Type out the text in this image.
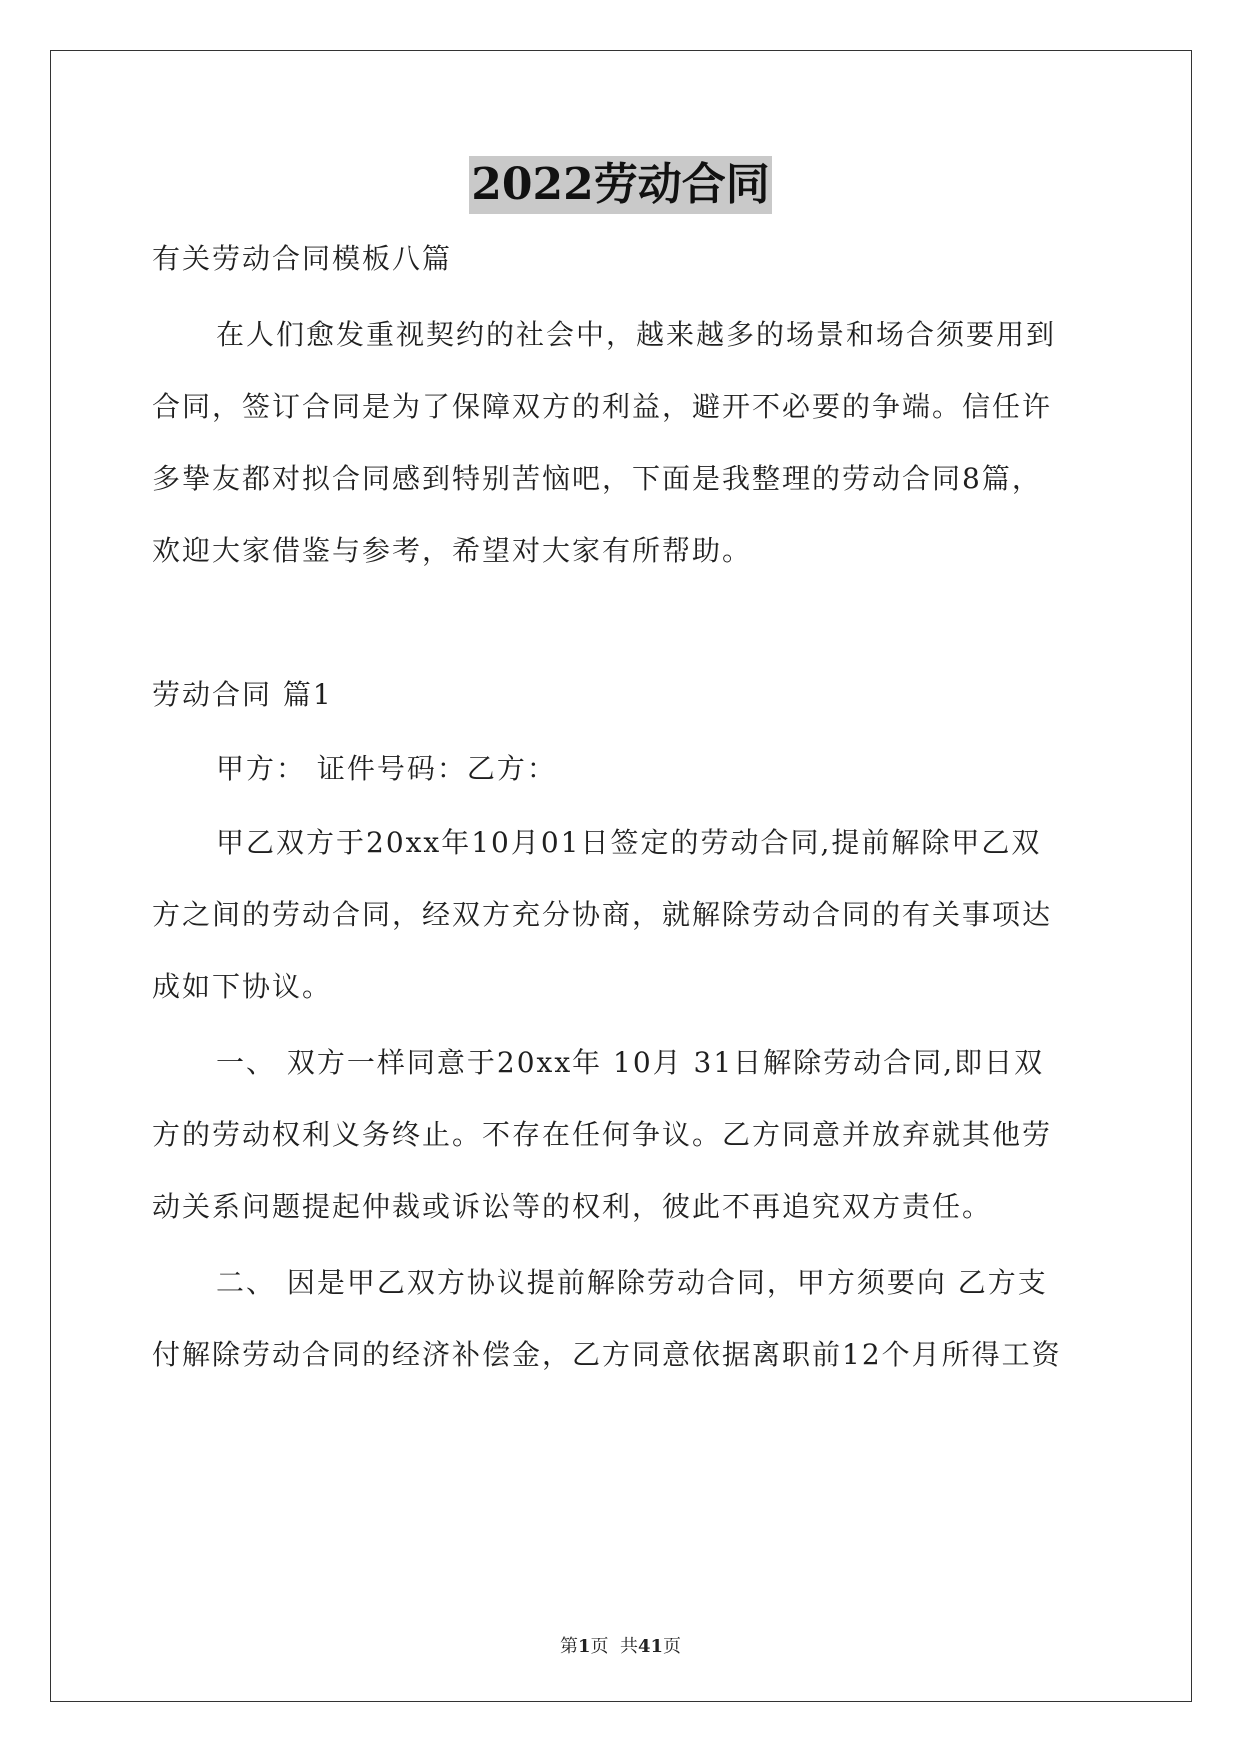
2022劳动合同
有关劳动合同模板八篇
在人们愈发重视契约的社会中，越来越多的场景和场合须要用到
合同，签订合同是为了保障双方的利益，避开不必要的争端。信任许
多挚友都对拟合同感到特别苦恼吧，下面是我整理的劳动合同8篇，
欢迎大家借鉴与参考，希望对大家有所帮助。
劳动合同 篇1
甲方： 证件号码：乙方：
甲乙双方于20xx年10月01日签定的劳动合同,提前解除甲乙双
方之间的劳动合同，经双方充分协商，就解除劳动合同的有关事项达
成如下协议。
一、 双方一样同意于20xx年 10月 31日解除劳动合同,即日双
方的劳动权利义务终止。不存在任何争议。乙方同意并放弃就其他劳
动关系问题提起仲裁或诉讼等的权利，彼此不再追究双方责任。
二、 因是甲乙双方协议提前解除劳动合同，甲方须要向 乙方支
付解除劳动合同的经济补偿金，乙方同意依据离职前12个月所得工资
第1页  共41页
